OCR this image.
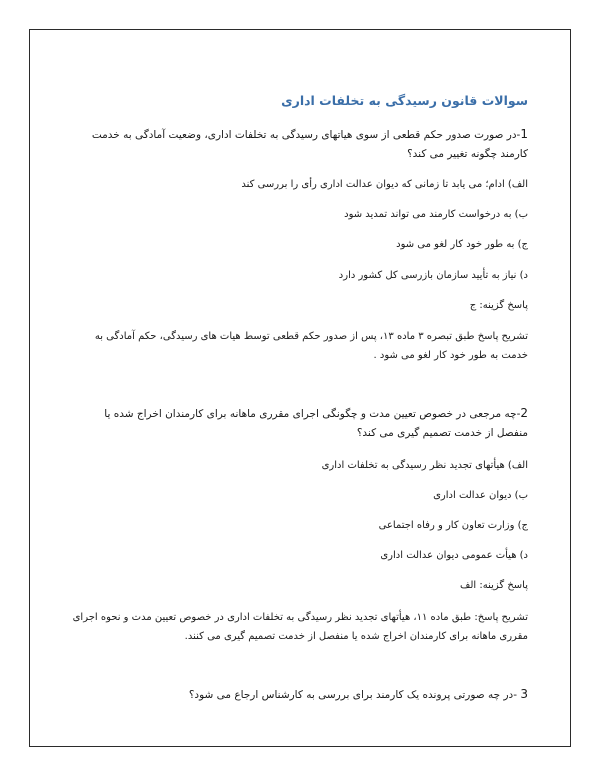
سوالات قانون رسیدگی به تخلفات اداری
1-در صورت صدور حکم قطعی از سوی هیاتهای رسیدگی به تخلفات اداری، وضعیت آمادگی به خدمت کارمند چگونه تغییر می کند؟
الف) ادام؛ می یابد تا زمانی که دیوان عدالت اداری رأی را بررسی کند
ب) به درخواست کارمند می تواند تمدید شود
ج) به طور خود کار لغو می شود
د) نیاز به تأیید سازمان بازرسی کل کشور دارد
پاسخ گزینه: ج
تشریح پاسخ طبق تبصره ۳ ماده ۱۳، پس از صدور حکم قطعی توسط هیات های رسیدگی، حکم آمادگی به خدمت به طور خود کار لغو می شود .
2-چه مرجعی در خصوص تعیین مدت و چگونگی اجرای مقرری ماهانه برای کارمندان اخراج شده یا منفصل از خدمت تصمیم گیری می کند؟
الف) هیأتهای تجدید نظر رسیدگی به تخلفات اداری
ب) دیوان عدالت اداری
ج) وزارت تعاون کار و رفاه اجتماعی
د) هیأت عمومی دیوان عدالت اداری
پاسخ گزینه: الف
تشریح پاسخ: طبق ماده ۱۱، هیأتهای تجدید نظر رسیدگی به تخلفات اداری در خصوص تعیین مدت و نحوه اجرای مقرری ماهانه برای کارمندان اخراج شده یا منفصل از خدمت تصمیم گیری می کنند.
3 -در چه صورتی پرونده یک کارمند برای بررسی به کارشناس ارجاع می شود؟
